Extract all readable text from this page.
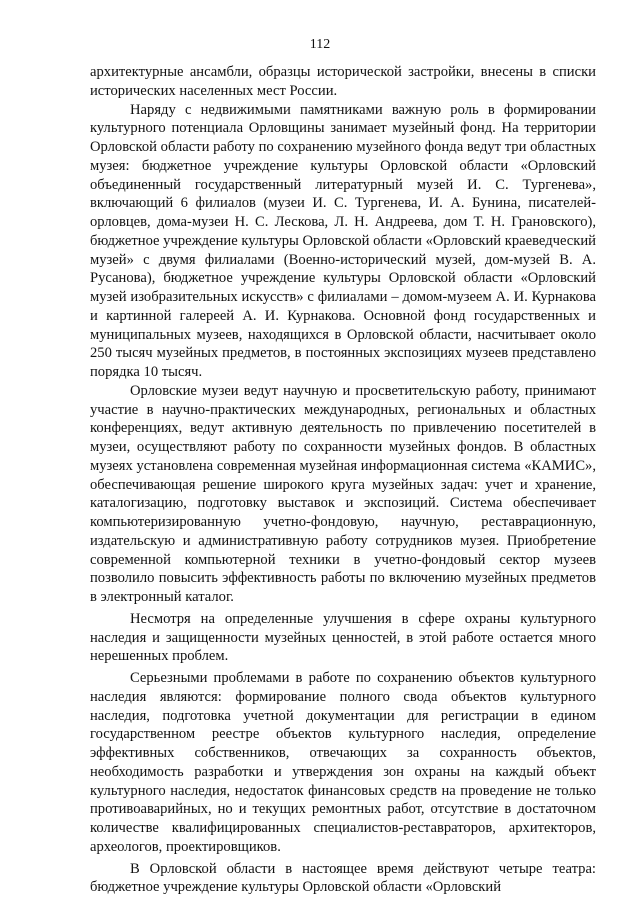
112

архитектурные ансамбли, образцы исторической застройки, внесены в списки исторических населенных мест России.

Наряду с недвижимыми памятниками важную роль в формировании культурного потенциала Орловщины занимает музейный фонд. На территории Орловской области работу по сохранению музейного фонда ведут три областных музея: бюджетное учреждение культуры Орловской области «Орловский объединенный государственный литературный музей И. С. Тургенева», включающий 6 филиалов (музеи И. С. Тургенева, И. А. Бунина, писателей-орловцев, дома-музеи Н. С. Лескова, Л. Н. Андреева, дом Т. Н. Грановского), бюджетное учреждение культуры Орловской области «Орловский краеведческий музей» с двумя филиалами (Военно-исторический музей, дом-музей В. А. Русанова), бюджетное учреждение культуры Орловской области «Орловский музей изобразительных искусств» с филиалами – домом-музеем А. И. Курнакова и картинной галереей А. И. Курнакова. Основной фонд государственных и муниципальных музеев, находящихся в Орловской области, насчитывает около 250 тысяч музейных предметов, в постоянных экспозициях музеев представлено порядка 10 тысяч.

Орловские музеи ведут научную и просветительскую работу, принимают участие в научно-практических международных, региональных и областных конференциях, ведут активную деятельность по привлечению посетителей в музеи, осуществляют работу по сохранности музейных фондов. В областных музеях установлена современная музейная информационная система «КАМИС», обеспечивающая решение широкого круга музейных задач: учет и хранение, каталогизацию, подготовку выставок и экспозиций. Система обеспечивает компьютеризированную учетно-фондовую, научную, реставрационную, издательскую и административную работу сотрудников музея. Приобретение современной компьютерной техники в учетно-фондовый сектор музеев позволило повысить эффективность работы по включению музейных предметов в электронный каталог.

Несмотря на определенные улучшения в сфере охраны культурного наследия и защищенности музейных ценностей, в этой работе остается много нерешенных проблем.

Серьезными проблемами в работе по сохранению объектов культурного наследия являются: формирование полного свода объектов культурного наследия, подготовка учетной документации для регистрации в едином государственном реестре объектов культурного наследия, определение эффективных собственников, отвечающих за сохранность объектов, необходимость разработки и утверждения зон охраны на каждый объект культурного наследия, недостаток финансовых средств на проведение не только противоаварийных, но и текущих ремонтных работ, отсутствие в достаточном количестве квалифицированных специалистов-реставраторов, архитекторов, археологов, проектировщиков.

В Орловской области в настоящее время действуют четыре театра: бюджетное учреждение культуры Орловской области «Орловский
